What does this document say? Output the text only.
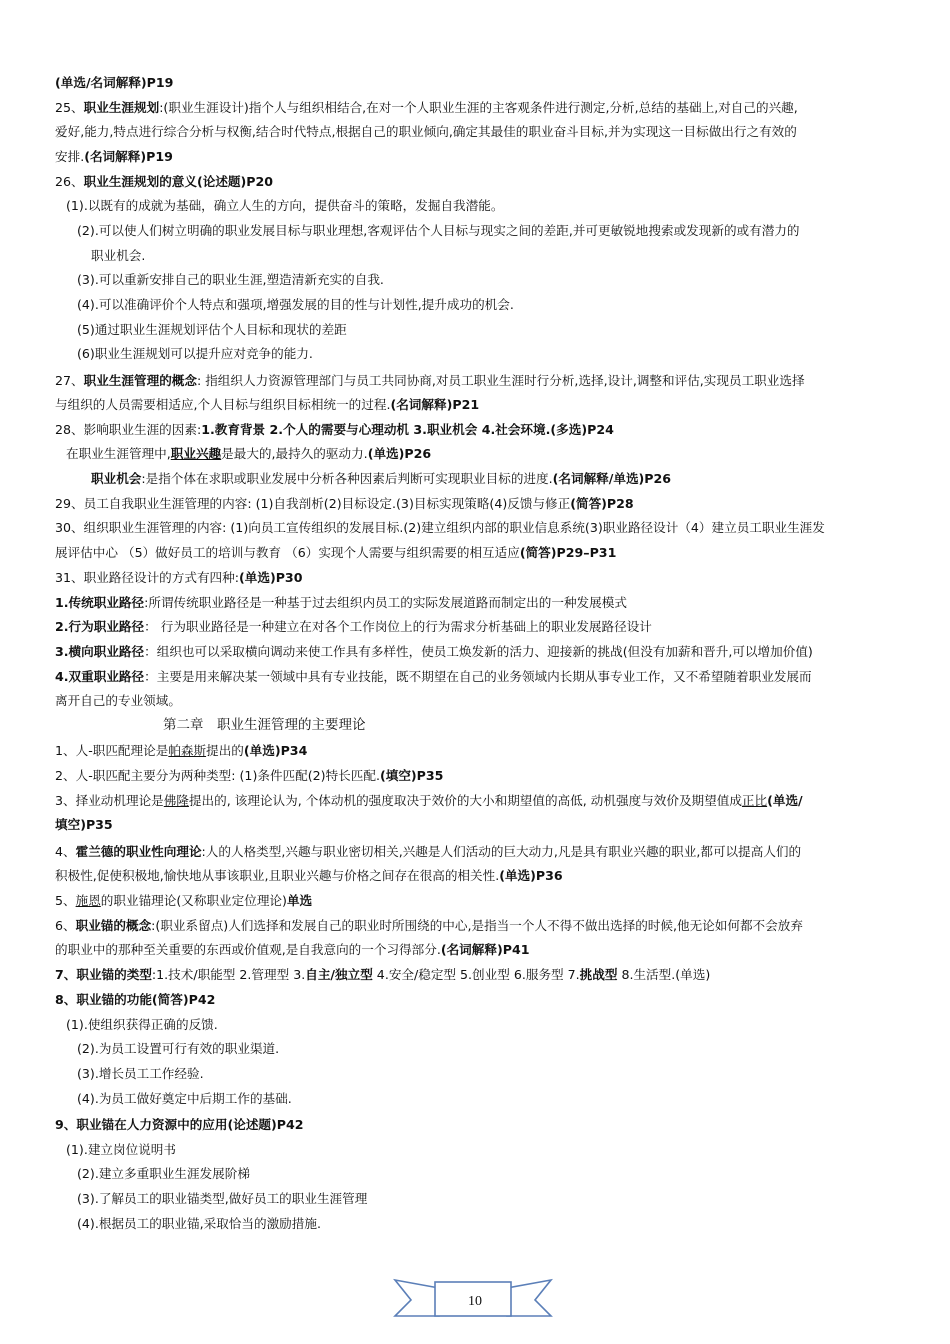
(单选/名词解释)P19
25、职业生涯规划:(职业生涯设计)指个人与组织相结合,在对一个人职业生涯的主客观条件进行测定,分析,总结的基础上,对自己的兴趣,
爱好,能力,特点进行综合分析与权衡,结合时代特点,根据自己的职业倾向,确定其最佳的职业奋斗目标,并为实现这一目标做出行之有效的
安排.(名词解释)P19
26、职业生涯规划的意义(论述题)P20
(1).以既有的成就为基础，确立人生的方向，提供奋斗的策略，发掘自我潜能。
(2).可以使人们树立明确的职业发展目标与职业理想,客观评估个人目标与现实之间的差距,并可更敏锐地搜索或发现新的或有潜力的
职业机会.
(3).可以重新安排自己的职业生涯,塑造清新充实的自我.
(4).可以准确评价个人特点和强项,增强发展的目的性与计划性,提升成功的机会.
(5)通过职业生涯规划评估个人目标和现状的差距
(6)职业生涯规划可以提升应对竞争的能力.
27、职业生涯管理的概念: 指组织人力资源管理部门与员工共同协商,对员工职业生涯时行分析,选择,设计,调整和评估,实现员工职业选择
与组织的人员需要相适应,个人目标与组织目标相统一的过程.(名词解释)P21
28、影响职业生涯的因素:1.教育背景 2.个人的需要与心理动机 3.职业机会 4.社会环境.(多选)P24
在职业生涯管理中,职业兴趣是最大的,最持久的驱动力.(单选)P26
职业机会:是指个体在求职或职业发展中分析各种因素后判断可实现职业目标的进度.(名词解释/单选)P26
29、员工自我职业生涯管理的内容: (1)自我剖析(2)目标设定.(3)目标实现策略(4)反馈与修正(简答)P28
30、组织职业生涯管理的内容: (1)向员工宣传组织的发展目标.(2)建立组织内部的职业信息系统(3)职业路径设计（4）建立员工职业生涯发
展评估中心 （5）做好员工的培训与教育 （6）实现个人需要与组织需要的相互适应(简答)P29–P31
31、职业路径设计的方式有四种:(单选)P30
1.传统职业路径:所谓传统职业路径是一种基于过去组织内员工的实际发展道路而制定出的一种发展模式
2.行为职业路径： 行为职业路径是一种建立在对各个工作岗位上的行为需求分析基础上的职业发展路径设计
3.横向职业路径：组织也可以采取横向调动来使工作具有多样性，使员工焕发新的活力、迎接新的挑战(但没有加薪和晋升,可以增加价值)
4.双重职业路径：主要是用来解决某一领域中具有专业技能，既不期望在自己的业务领域内长期从事专业工作，又不希望随着职业发展而
离开自己的专业领域。
第二章　职业生涯管理的主要理论
1、人-职匹配理论是帕森斯提出的(单选)P34
2、人-职匹配主要分为两种类型: (1)条件匹配(2)特长匹配.(填空)P35
3、择业动机理论是佛隆提出的, 该理论认为, 个体动机的强度取决于效价的大小和期望值的高低, 动机强度与效价及期望值成正比(单选/
填空)P35
4、霍兰德的职业性向理论:人的人格类型,兴趣与职业密切相关,兴趣是人们活动的巨大动力,凡是具有职业兴趣的职业,都可以提高人们的
积极性,促使积极地,愉快地从事该职业,且职业兴趣与价格之间存在很高的相关性.(单选)P36
5、施恩的职业锚理论(又称职业定位理论)单选
6、职业锚的概念:(职业系留点)人们选择和发展自己的职业时所围绕的中心,是指当一个人不得不做出选择的时候,他无论如何都不会放弃
的职业中的那种至关重要的东西或价值观,是自我意向的一个习得部分.(名词解释)P41
7、职业锚的类型:1.技术/职能型 2.管理型 3.自主/独立型 4.安全/稳定型 5.创业型 6.服务型 7.挑战型 8.生活型.(单选)
8、职业锚的功能(简答)P42
(1).使组织获得正确的反馈.
(2).为员工设置可行有效的职业渠道.
(3).增长员工工作经验.
(4).为员工做好奠定中后期工作的基础.
9、职业锚在人力资源中的应用(论述题)P42
(1).建立岗位说明书
(2).建立多重职业生涯发展阶梯
(3).了解员工的职业锚类型,做好员工的职业生涯管理
(4).根据员工的职业锚,采取恰当的激励措施.
10
